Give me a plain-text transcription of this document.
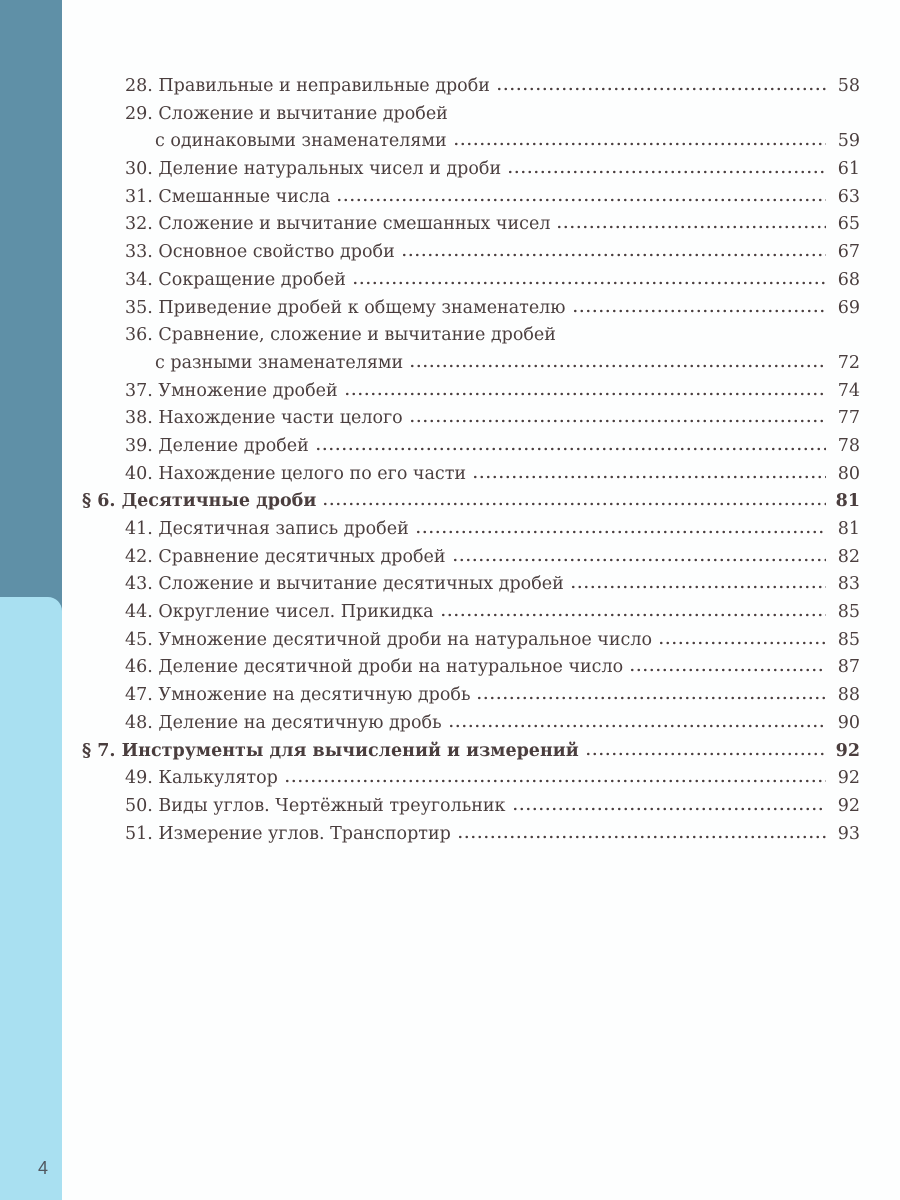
28. Правильные и неправильные дроби	58
29. Сложение и вычитание дробей
с одинаковыми знаменателями	59
30. Деление натуральных чисел и дроби	61
31. Смешанные числа	63
32. Сложение и вычитание смешанных чисел	65
33. Основное свойство дроби	67
34. Сокращение дробей	68
35. Приведение дробей к общему знаменателю	69
36. Сравнение, сложение и вычитание дробей
с разными знаменателями	72
37. Умножение дробей	74
38. Нахождение части целого	77
39. Деление дробей	78
40. Нахождение целого по его части	80
§ 6. Десятичные дроби	81
41. Десятичная запись дробей	81
42. Сравнение десятичных дробей	82
43. Сложение и вычитание десятичных дробей	83
44. Округление чисел. Прикидка	85
45. Умножение десятичной дроби на натуральное число	85
46. Деление десятичной дроби на натуральное число	87
47. Умножение на десятичную дробь	88
48. Деление на десятичную дробь	90
§ 7. Инструменты для вычислений и измерений	92
49. Калькулятор	92
50. Виды углов. Чертёжный треугольник	92
51. Измерение углов. Транспортир	93
4
